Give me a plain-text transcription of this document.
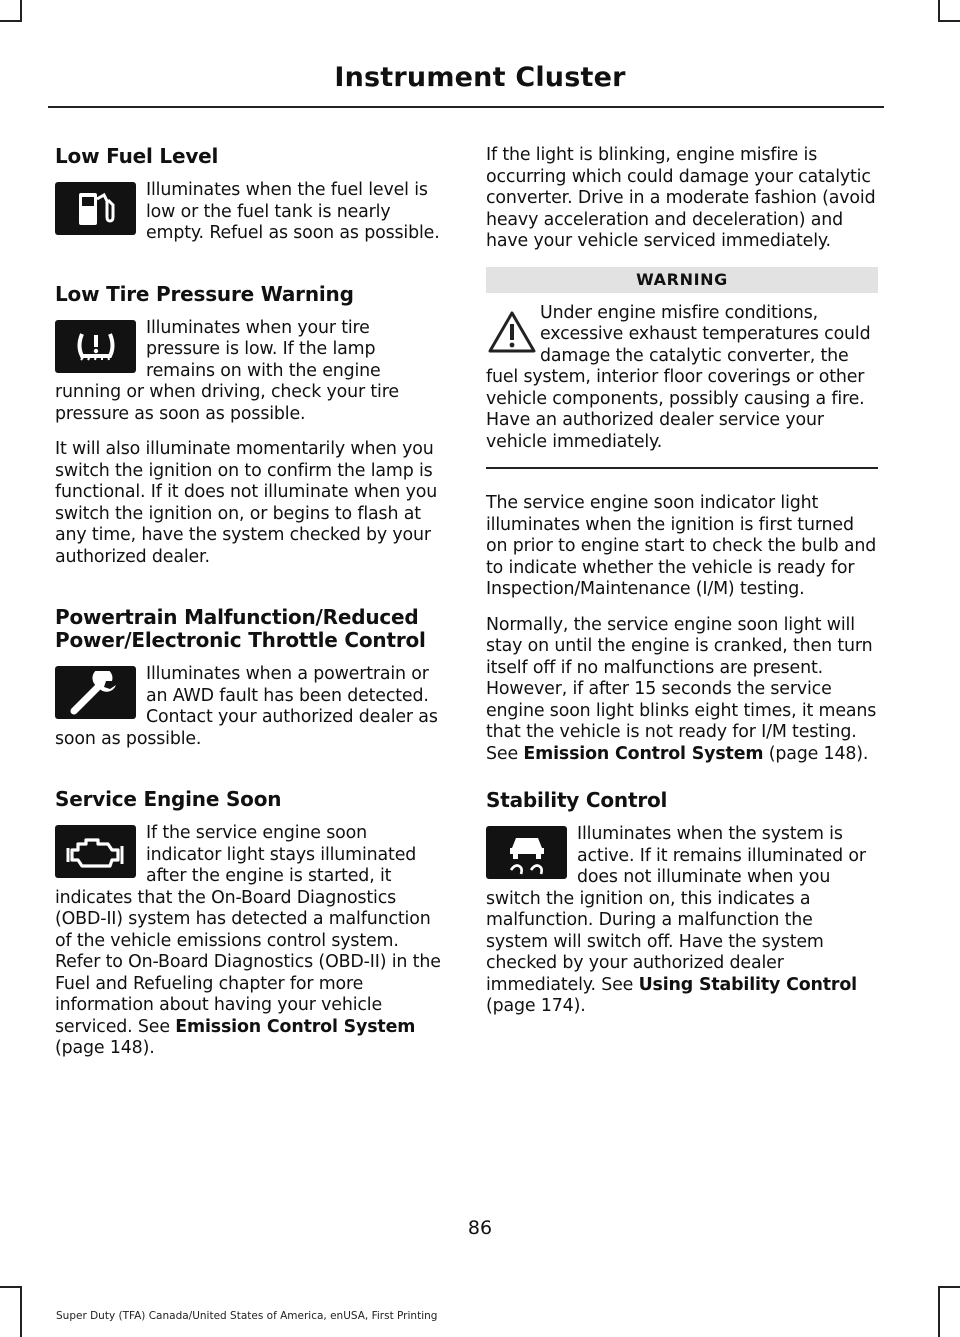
Instrument Cluster
Low Fuel Level

Illuminates when the fuel level is low or the fuel tank is nearly empty. Refuel as soon as possible.

Low Tire Pressure Warning

Illuminates when your tire pressure is low. If the lamp remains on with the engine running or when driving, check your tire pressure as soon as possible.

It will also illuminate momentarily when you switch the ignition on to confirm the lamp is functional. If it does not illuminate when you switch the ignition on, or begins to flash at any time, have the system checked by your authorized dealer.

Powertrain Malfunction/Reduced Power/Electronic Throttle Control

Illuminates when a powertrain or an AWD fault has been detected. Contact your authorized dealer as soon as possible.

Service Engine Soon

If the service engine soon indicator light stays illuminated after the engine is started, it indicates that the On-Board Diagnostics (OBD-II) system has detected a malfunction of the vehicle emissions control system. Refer to On-Board Diagnostics (OBD-II) in the Fuel and Refueling chapter for more information about having your vehicle serviced. See Emission Control System (page 148).

If the light is blinking, engine misfire is occurring which could damage your catalytic converter. Drive in a moderate fashion (avoid heavy acceleration and deceleration) and have your vehicle serviced immediately.

WARNING

Under engine misfire conditions, excessive exhaust temperatures could damage the catalytic converter, the fuel system, interior floor coverings or other vehicle components, possibly causing a fire. Have an authorized dealer service your vehicle immediately.

The service engine soon indicator light illuminates when the ignition is first turned on prior to engine start to check the bulb and to indicate whether the vehicle is ready for Inspection/Maintenance (I/M) testing.

Normally, the service engine soon light will stay on until the engine is cranked, then turn itself off if no malfunctions are present. However, if after 15 seconds the service engine soon light blinks eight times, it means that the vehicle is not ready for I/M testing. See Emission Control System (page 148).

Stability Control

Illuminates when the system is active. If it remains illuminated or does not illuminate when you switch the ignition on, this indicates a malfunction. During a malfunction the system will switch off. Have the system checked by your authorized dealer immediately. See Using Stability Control (page 174).

86
Super Duty (TFA) Canada/United States of America, enUSA, First Printing
